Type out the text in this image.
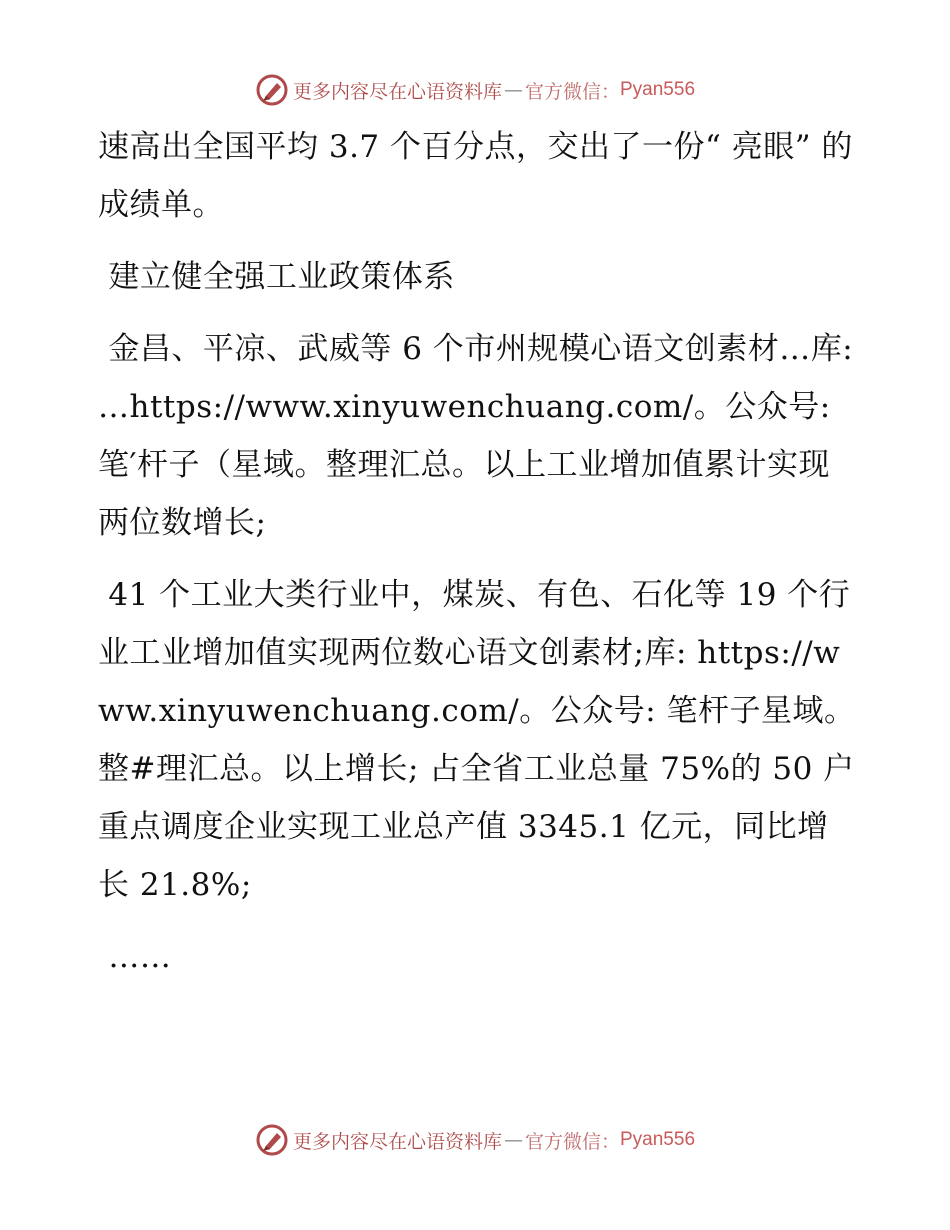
更多内容尽在心语资料库 — 官方微信： Pyan556

速高出全国平均 3.7 个百分点，交出了一份“ 亮眼” 的成绩单。

建立健全强工业政策体系

金昌、平凉、武威等 6 个市州规模心语文创素材…库: …https://www.xinyuwenchuang.com/。公众号: 笔′杆子（星域。整理汇总。以上工业增加值累计实现两位数增长;

41 个工业大类行业中，煤炭、有色、石化等 19 个行业工业增加值实现两位数心语文创素材;库: https://www.xinyuwenchuang.com/。公众号: 笔杆子星域。整#理汇总。以上增长; 占全省工业总量 75%的 50 户重点调度企业实现工业总产值 3345.1 亿元，同比增长 21.8%;

……

更多内容尽在心语资料库 — 官方微信： Pyan556
